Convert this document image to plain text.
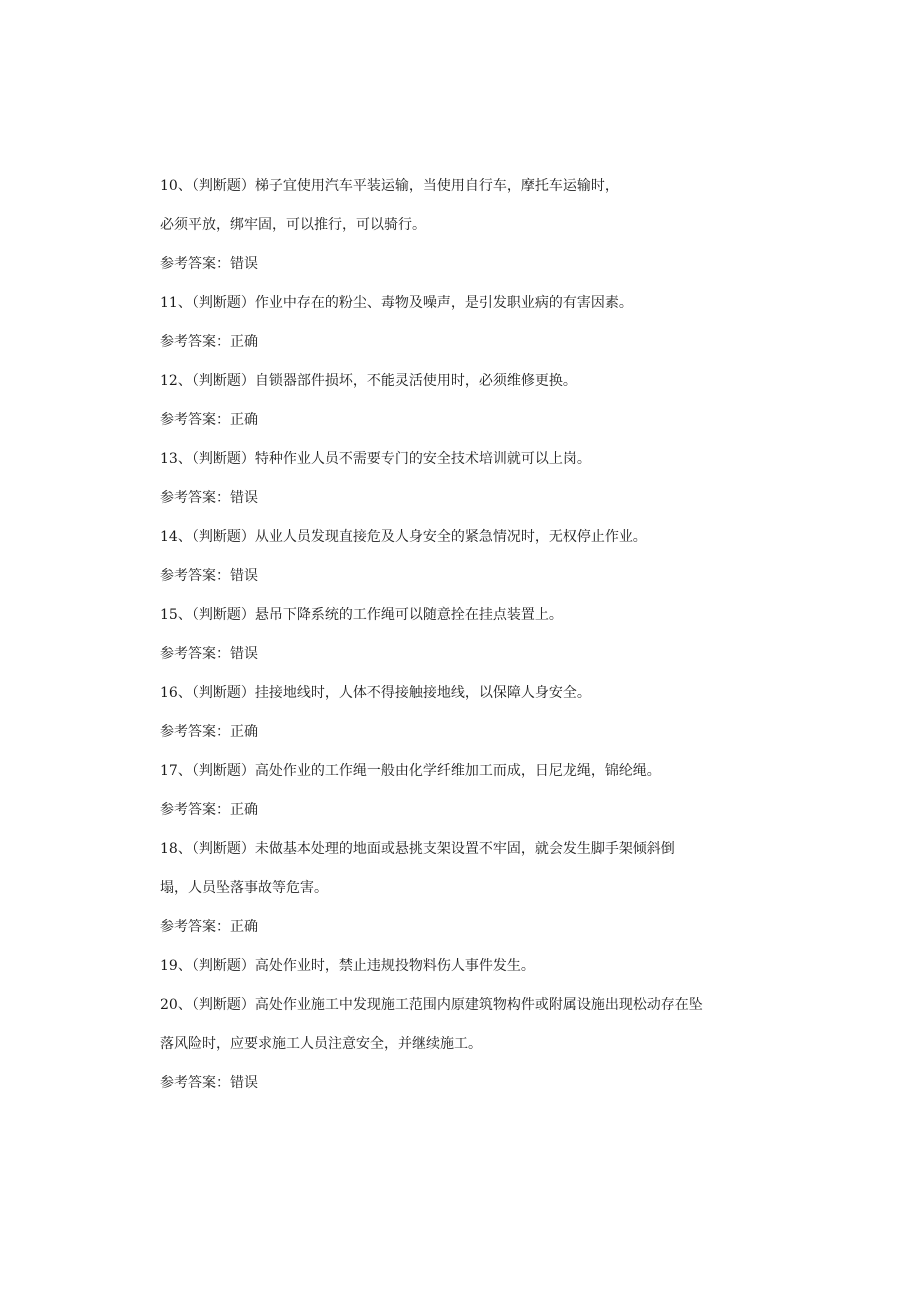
10、（判断题）梯子宜使用汽车平装运输，当使用自行车，摩托车运输时，
必须平放，绑牢固，可以推行，可以骑行。
参考答案：错误
11、（判断题）作业中存在的粉尘、毒物及噪声，是引发职业病的有害因素。
参考答案：正确
12、（判断题）自锁器部件损坏，不能灵活使用时，必须维修更换。
参考答案：正确
13、（判断题）特种作业人员不需要专门的安全技术培训就可以上岗。
参考答案：错误
14、（判断题）从业人员发现直接危及人身安全的紧急情况时，无权停止作业。
参考答案：错误
15、（判断题）悬吊下降系统的工作绳可以随意拴在挂点装置上。
参考答案：错误
16、（判断题）挂接地线时，人体不得接触接地线，以保障人身安全。
参考答案：正确
17、（判断题）高处作业的工作绳一般由化学纤维加工而成，日尼龙绳，锦纶绳。
参考答案：正确
18、（判断题）未做基本处理的地面或悬挑支架设置不牢固，就会发生脚手架倾斜倒
塌，人员坠落事故等危害。
参考答案：正确
19、（判断题）高处作业时，禁止违规投物料伤人事件发生。
20、（判断题）高处作业施工中发现施工范围内原建筑物构件或附属设施出现松动存在坠
落风险时，应要求施工人员注意安全，并继续施工。
参考答案：错误
